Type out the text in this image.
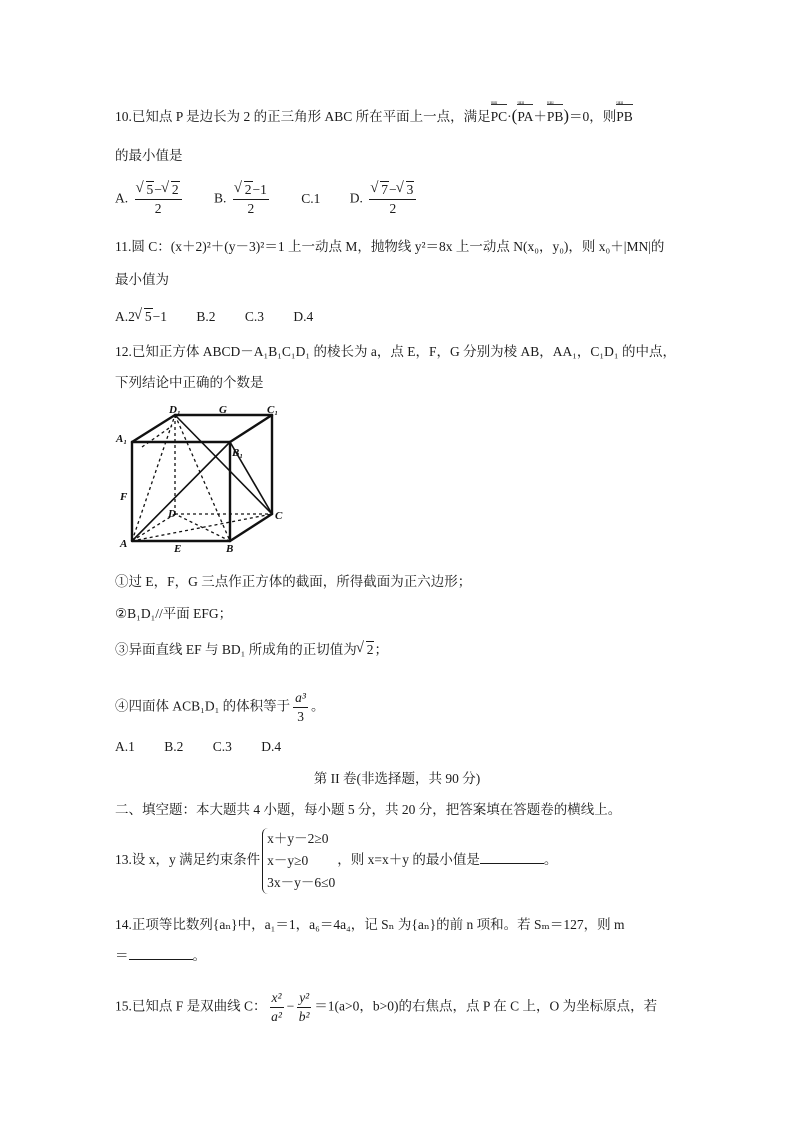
10.已知点 P 是边长为 2 的正三角形 ABC 所在平面上一点，满足PC ᵚᵚ·(PA ᵚᵚ＋PB ᵚᵚ)＝0，则PB ᵚᵚ
的最小值是
A. √ $\frac{5- √ 2}{2} B$. √ $\frac{2-1}{2} C.1$ D. √ $\frac{7- √ 3}{2}$
11.圆 C：(x＋2)²＋(y－3)²＝1 上一动点 M，抛物线 y²＝8x 上一动点 N(x₀，y₀)，则 x₀＋|MN|的
最小值为
A.2 √ 5−1 B.2 C.3 D.4
12.已知正方体 ABCD－A₁B₁C₁D₁ 的棱长为 a，点 E，F，G 分别为棱 AB，AA₁，C₁D₁ 的中点，
下列结论中正确的个数是
D₁	G	C₁
A₁
B₁
F
D	C
A	E	B
①过 E，F，G 三点作正方体的截面，所得截面为正六边形；
②B₁D₁//平面 EFG；
③异面直线 EF 与 BD₁ 所成角的正切值为 √ 2；
④四面体 ACB₁D₁ 的体积等于 $\frac{\text{a³}}{3}$ 。
A.1 B.2 C.3 D.4
第 II 卷(非选择题，共 90 分)
二、填空题：本大题共 4 小题，每小题 5 分，共 20 分，把答案填在答题卷的横线上。
13.设 x，y 满足约束条件
x＋y－2≥0
x－y≥0
3x－y－6≤0
，则 x=x＋y 的最小值是	。
14.正项等比数列{aₙ}中，a₁＝1，a₆＝4a₄，记 Sₙ 为{aₙ}的前 n 项和。若 Sₘ＝127，则 m
＝	。
15.已知点 F 是双曲线 C： $\frac{\text{x²}}{\text{a²}} - \frac{\text{y²}}{\text{b²}} =1(a>0$，b>0)的右焦点，点 P 在 C 上，O 为坐标原点，若
